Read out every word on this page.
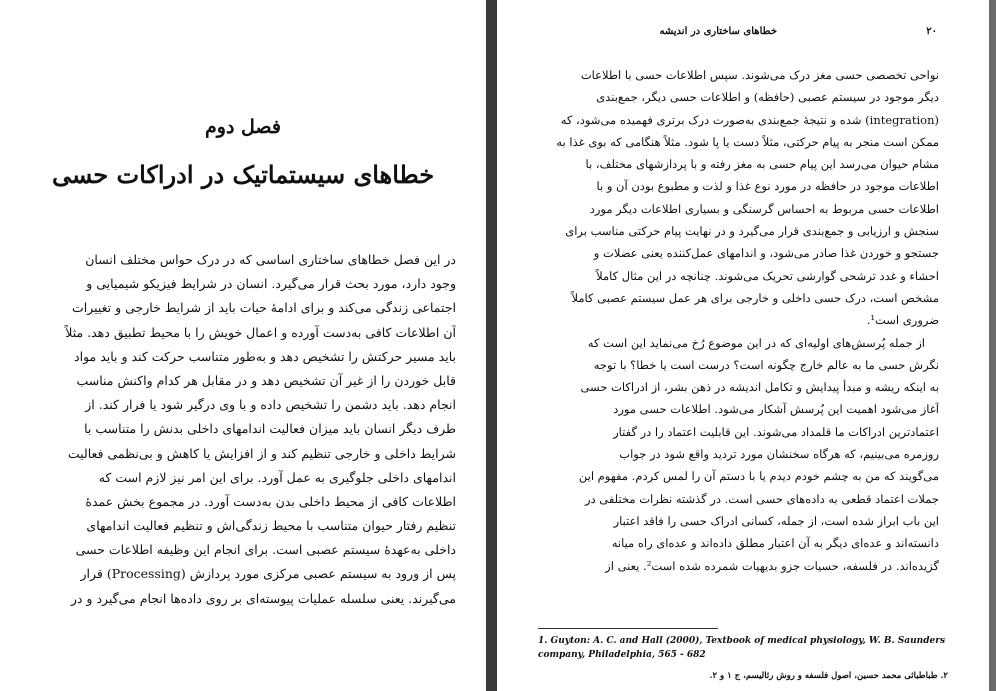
فصل دوم
خطاهای سیستماتیک در ادراکات حسی
در این فصل خطاهای ساختاری اساسی که در درک حواس مختلف انسان
وجود دارد، مورد بحث قرار می‌گیرد. انسان در شرایط فیزیکو شیمیایی و
اجتماعی زندگی می‌کند و برای ادامهٔ حیات باید از شرایط خارجی و تغییرات
آن اطلاعات کافی به‌دست آورده و اعمال خویش را با محیط تطبیق دهد. مثلاً
باید مسیر حرکتش را تشخیص دهد و به‌طور متناسب حرکت کند و باید مواد
قابل خوردن را از غیر آن تشخیص دهد و در مقابل هر کدام واکنش مناسب
انجام دهد. باید دشمن را تشخیص داده و با وی درگیر شود یا فرار کند. از
طرف دیگر انسان باید میزان فعالیت اندامهای داخلی بدنش را متناسب با
شرایط داخلی و خارجی تنظیم کند و از افزایش یا کاهش و بی‌نظمی فعالیت
اندامهای داخلی جلوگیری به عمل آورد. برای این امر نیز لازم است که
اطلاعات کافی از محیط داخلی بدن به‌دست آورد. در مجموع بخش عمدهٔ
تنظیم رفتار حیوان متناسب با محیط زندگی‌اش و تنظیم فعالیت اندامهای
داخلی به‌عهدهٔ سیستم عصبی است. برای انجام این وظیفه اطلاعات حسی
پس از ورود به سیستم عصبی مرکزی مورد پردازش (Processing) قرار
می‌گیرند. یعنی سلسله عملیات پیوسته‌ای بر روی داده‌ها انجام می‌گیرد و در
۲۰
خطاهای ساختاری در اندیشه
نواحی تخصصی حسی مغز درک می‌شوند. سپس اطلاعات حسی با اطلاعات
دیگر موجود در سیستم عصبی (حافظه) و اطلاعات حسی دیگر، جمع‌بندی
(integration) شده و نتیجهٔ جمع‌بندی به‌صورت درک برتری فهمیده می‌شود، که
ممکن است منجر به پیام حرکتی، مثلاً دست یا پا شود. مثلاً هنگامی که بوی غذا به
مشام حیوان می‌رسد این پیام حسی به مغز رفته و با پردازشهای مختلف، با
اطلاعات موجود در حافظه در مورد نوع غذا و لذت و مطبوع بودن آن و با
اطلاعات حسی مربوط به احساس گرسنگی و بسیاری اطلاعات دیگر مورد
سنجش و ارزیابی و جمع‌بندی قرار می‌گیرد و در نهایت پیام حرکتی مناسب برای
جستجو و خوردن غذا صادر می‌شود، و اندامهای عمل‌کننده یعنی عضلات و
احشاء و غدد ترشحی گوارشی تحریک می‌شوند. چنانچه در این مثال کاملاً
مشخص است، درک حسی داخلی و خارجی برای هر عمل سیستم عصبی کاملاً
ضروری است¹.
از جمله پُرسش‌های اولیه‌ای که در این موضوع رُخ می‌نماید این است که
نگرش حسی ما به عالم خارج چگونه است؟ درست است یا خطا؟ با توجه
به اینکه ریشه و مبدأ پیدایش و تکامل اندیشه در ذهن بشر، از ادراکات حسی
آغاز می‌شود اهمیت این پُرسش آشکار می‌شود. اطلاعات حسی مورد
اعتمادترین ادراکات ما قلمداد می‌شوند. این قابلیت اعتماد را در گفتار
روزمره می‌بینیم، که هرگاه سخنشان مورد تردید واقع شود در جواب
می‌گویند که من به چشم خودم دیدم یا با دستم آن را لمس کردم. مفهوم این
جملات اعتماد قطعی به داده‌های حسی است. در گذشته نظرات مختلفی در
این باب ابراز شده است، از جمله، کسانی ادراک حسی را فاقد اعتبار
دانسته‌اند و عده‌ای دیگر به آن اعتبار مطلق داده‌اند و عده‌ای راه میانه
گزیده‌اند. در فلسفه، حسیات جزو بدیهیات شمرده شده است². یعنی از
1. Guyton: A. C. and Hall (2000), Textbook of medical physiology, W. B. Saunders company, Philadelphia, 565 - 682
۲. طباطبائی محمد حسین، اصول فلسفه و روش رئالیسم، ج ۱ و ۲.
